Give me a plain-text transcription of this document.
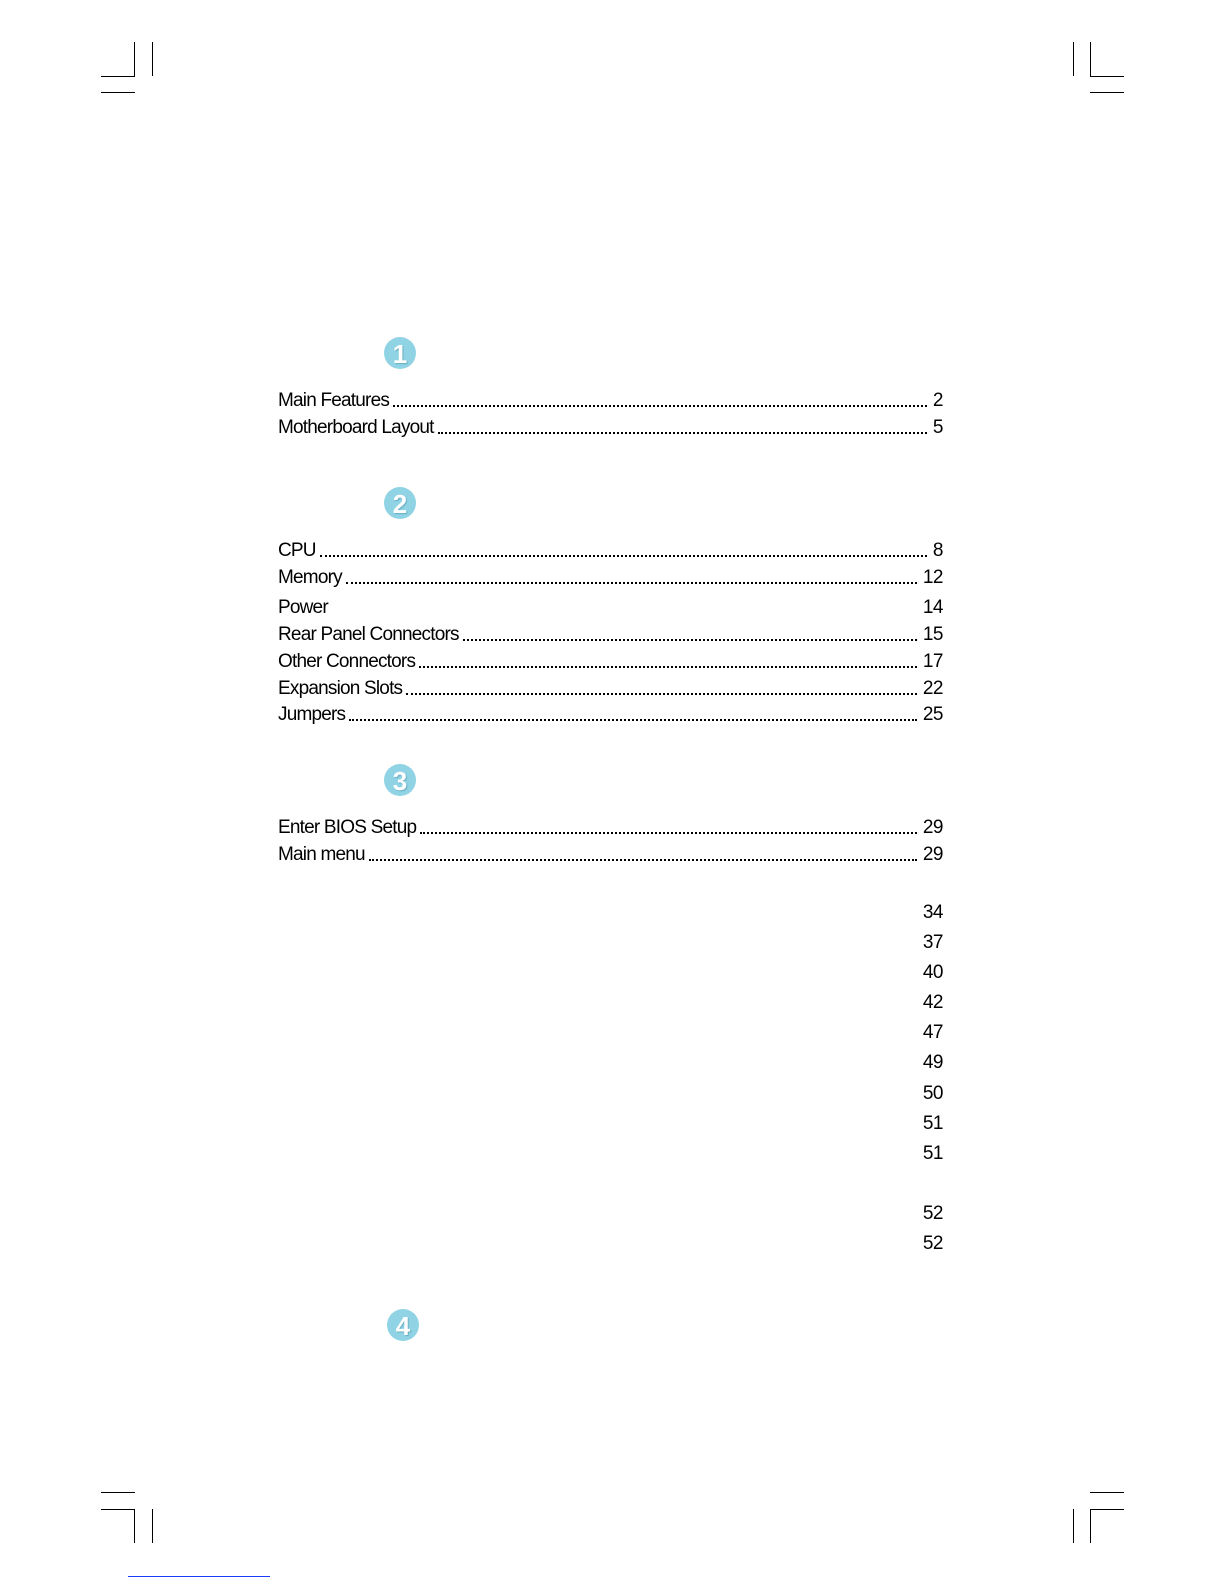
1
Main Features	2
Motherboard Layout	5
2
CPU	8
Memory	12
Power	14
Rear Panel Connectors	15
Other Connectors	17
Expansion Slots	22
Jumpers	25
3
Enter BIOS Setup	29
Main menu	29
34
37
40
42
47
49
50
51
51
52
52
4
